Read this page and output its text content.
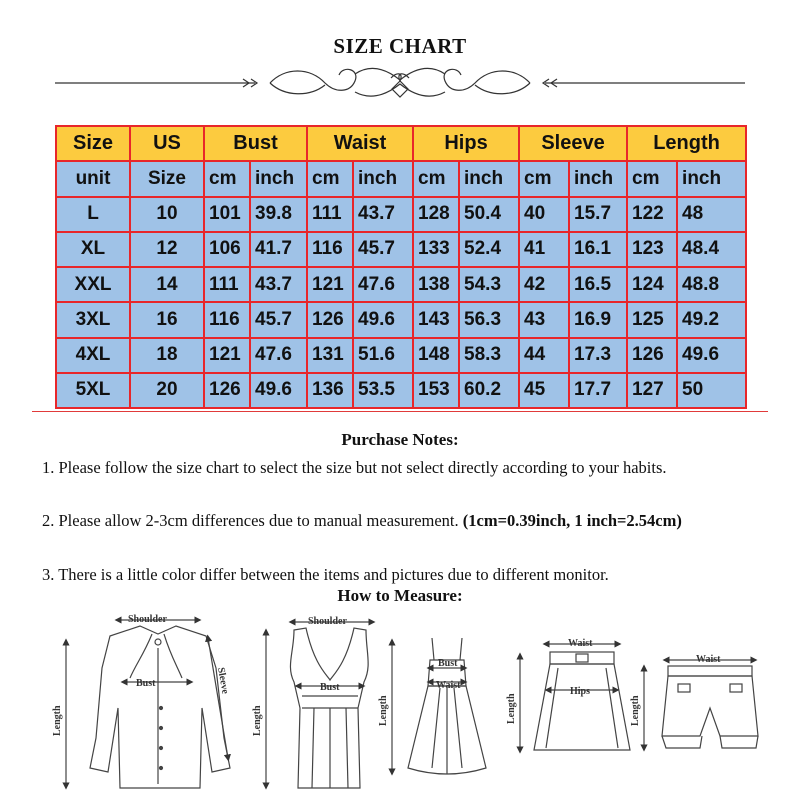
SIZE CHART
Size	US	Bust		Waist		Hips		Sleeve		Length	
unit	Size	cm	inch	cm	inch	cm	inch	cm	inch	cm	inch
L	10	101	39.8	111	43.7	128	50.4	40	15.7	122	48
XL	12	106	41.7	116	45.7	133	52.4	41	16.1	123	48.4
XXL	14	111	43.7	121	47.6	138	54.3	42	16.5	124	48.8
3XL	16	116	45.7	126	49.6	143	56.3	43	16.9	125	49.2
4XL	18	121	47.6	131	51.6	148	58.3	44	17.3	126	49.6
5XL	20	126	49.6	136	53.5	153	60.2	45	17.7	127	50
Purchase Notes:

1. Please follow the size chart to select the size but not select directly according to your habits.

2. Please allow 2-3cm differences due to manual measurement. (1cm=0.39inch, 1 inch=2.54cm)

3. There is a little color differ between the items and pictures due to different monitor.

How to Measure:
Shoulder
Bust
Length
Sleeve
Shoulder
Bust
Length
Bust
Waist
Length
Waist
Hips
Length
Waist
Length
